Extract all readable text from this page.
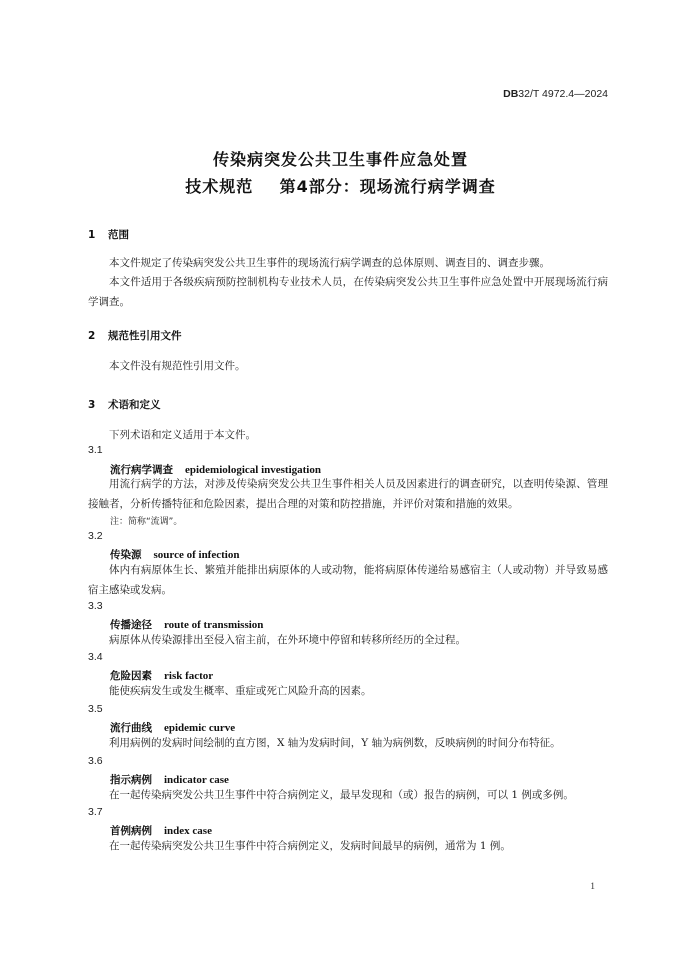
DB32/T 4972.4—2024
传染病突发公共卫生事件应急处置
技术规范    第4部分：现场流行病学调查
1 范围
本文件规定了传染病突发公共卫生事件的现场流行病学调查的总体原则、调查目的、调查步骤。
本文件适用于各级疾病预防控制机构专业技术人员，在传染病突发公共卫生事件应急处置中开展现场流行病学调查。
2 规范性引用文件
本文件没有规范性引用文件。
3 术语和定义
下列术语和定义适用于本文件。
3.1
流行病学调查 epidemiological investigation
用流行病学的方法，对涉及传染病突发公共卫生事件相关人员及因素进行的调查研究，以查明传染源、管理接触者，分析传播特征和危险因素，提出合理的对策和防控措施，并评价对策和措施的效果。
注：简称“流调”。
3.2
传染源 source of infection
体内有病原体生长、繁殖并能排出病原体的人或动物，能将病原体传递给易感宿主（人或动物）并导致易感宿主感染或发病。
3.3
传播途径 route of transmission
病原体从传染源排出至侵入宿主前，在外环境中停留和转移所经历的全过程。
3.4
危险因素 risk factor
能使疾病发生或发生概率、重症或死亡风险升高的因素。
3.5
流行曲线 epidemic curve
利用病例的发病时间绘制的直方图，X 轴为发病时间，Y 轴为病例数，反映病例的时间分布特征。
3.6
指示病例 indicator case
在一起传染病突发公共卫生事件中符合病例定义，最早发现和（或）报告的病例，可以 1 例或多例。
3.7
首例病例 index case
在一起传染病突发公共卫生事件中符合病例定义，发病时间最早的病例，通常为 1 例。
1
